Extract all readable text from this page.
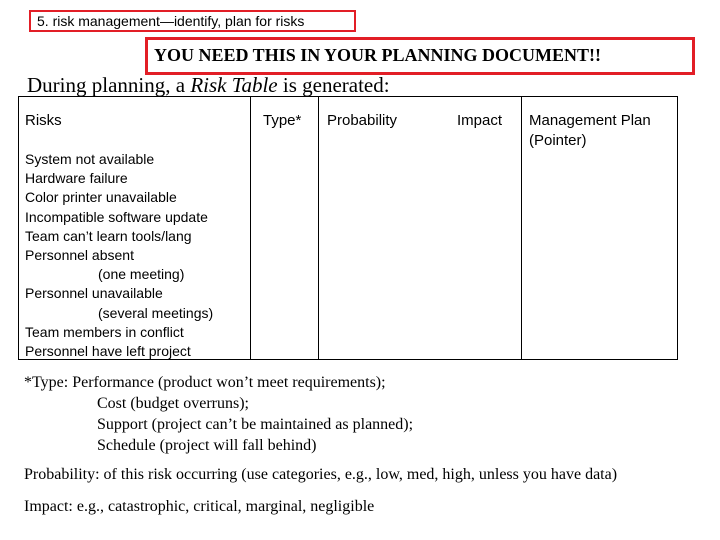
5. risk management—identify, plan for risks
YOU NEED THIS IN YOUR PLANNING DOCUMENT!!
During planning, a Risk Table is generated:
Risks	Type* Probability	Impact Management Plan
(Pointer)
System not available
Hardware failure
Color printer unavailable
Incompatible software update
Team can’t learn tools/lang
Personnel absent
(one meeting)
Personnel unavailable
(several meetings)
Team members in conflict
Personnel have left project
*Type: Performance (product won’t meet requirements);
Cost (budget overruns);
Support (project can’t be maintained as planned);
Schedule (project will fall behind)
Probability: of this risk occurring (use categories, e.g., low, med, high, unless you have data)
Impact: e.g., catastrophic, critical, marginal, negligible
